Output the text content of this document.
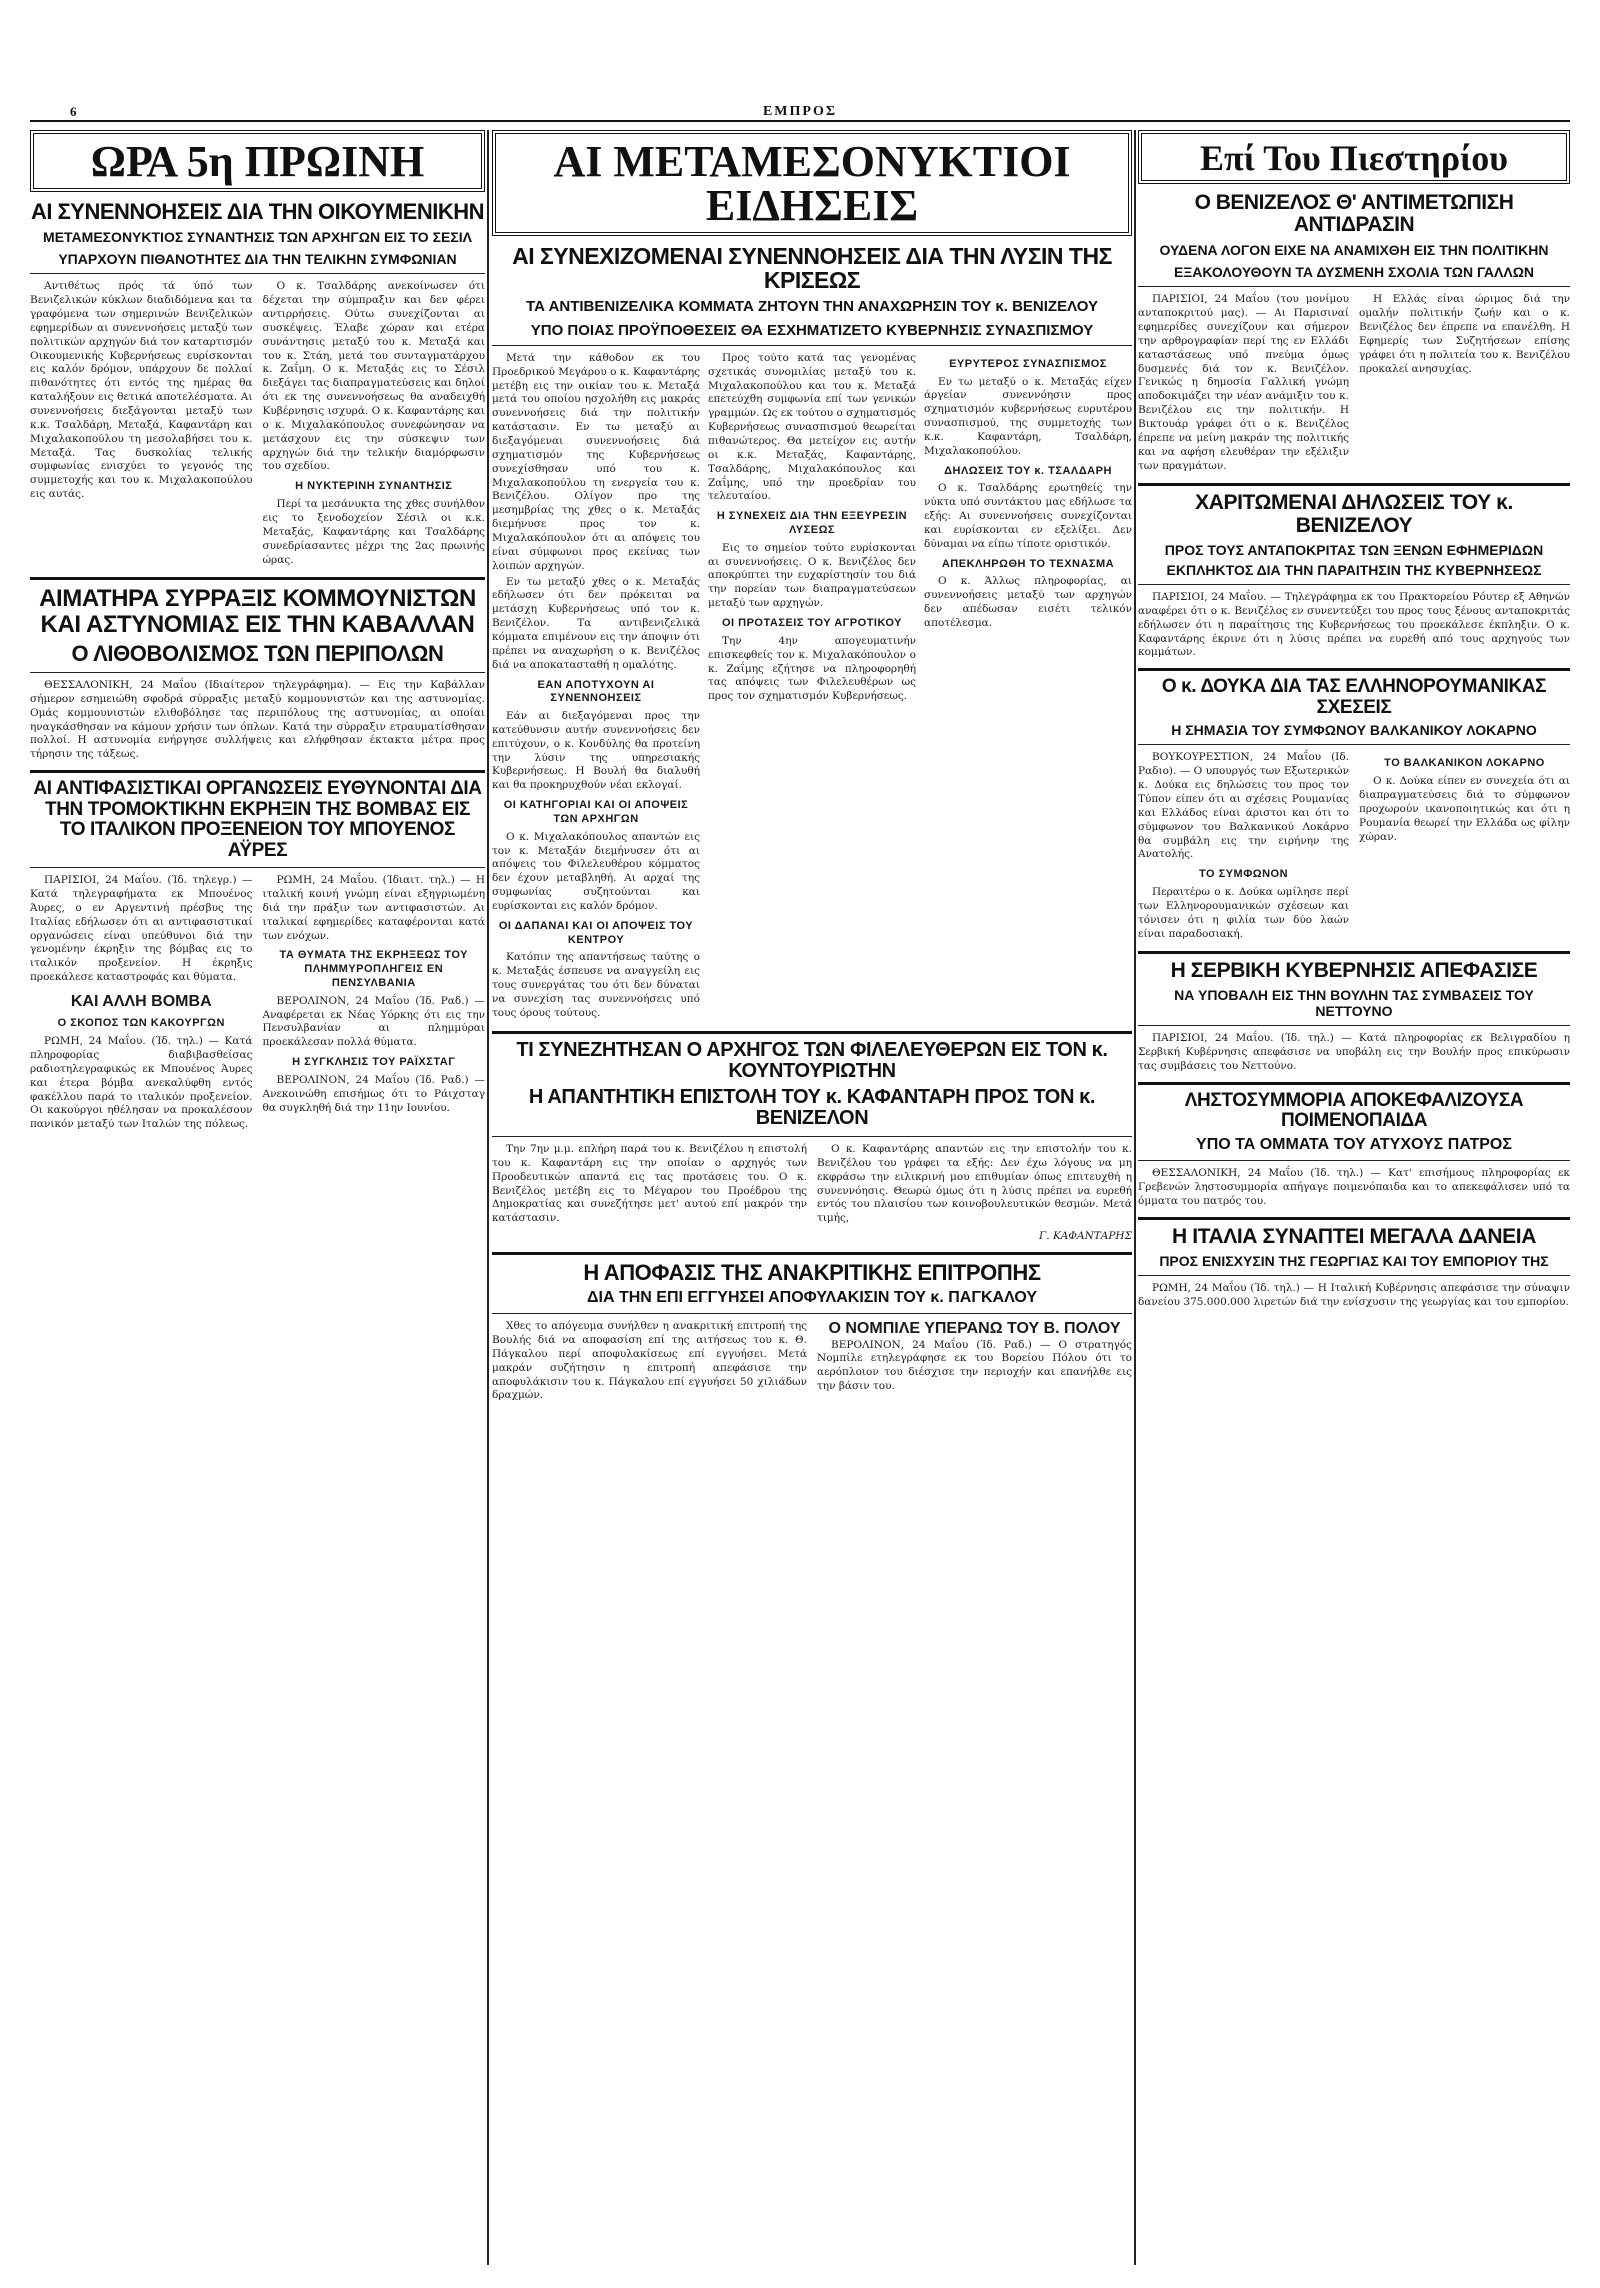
6	ΕΜΠΡΟΣ
ΩΡΑ 5η ΠΡΩΙΝΗ
ΑΙ ΣΥΝΕΝΝΟΗΣΕΙΣ ΔΙΑ ΤΗΝ ΟΙΚΟΥΜΕΝΙΚΗΝ
ΜΕΤΑΜΕΣΟΝΥΚΤΙΟΣ ΣΥΝΑΝΤΗΣΙΣ ΤΩΝ ΑΡΧΗΓΩΝ ΕΙΣ ΤΟ ΣΕΣΙΛ
ΥΠΑΡΧΟΥΝ ΠΙΘΑΝΟΤΗΤΕΣ ΔΙΑ ΤΗΝ ΤΕΛΙΚΗΝ ΣΥΜΦΩΝΙΑΝ

Αντιθέτως πρός τά ύπό των Βενιζελικών κύκλων διαδιδόμενα και τα γραφόμενα των σημερινών Βενιζελικών εφημερίδων αι συνεννοήσεις μεταξύ των πολιτικών αρχηγών διά τον καταρτισμόν Οικουμενικής Κυβερνήσεως ευρίσκονται εις καλόν δρόμον, υπάρχουν δε πολλαί πιθανότητες ότι εντός της ημέρας θα καταλήξουν εις θετικά αποτελέσματα. Αι συνεννοήσεις διεξάγονται μεταξύ των κ.κ. Τσαλδάρη, Μεταξά, Καφαντάρη και Μιχαλακοπούλου τη μεσολαβήσει του κ. Μεταξά. Τας δυσκολίας τελικής συμφωνίας ενισχύει το γεγονός της συμμετοχής και του κ. Μιχαλακοπούλου εις αυτάς.

Ο κ. Τσαλδάρης ανεκοίνωσεν ότι δέχεται την σύμπραξιν και δεν φέρει αντιρρήσεις. Ούτω συνεχίζονται αι συσκέψεις. Έλαβε χώραν και ετέρα συνάντησις μεταξύ του κ. Μεταξά και του κ. Στάη, μετά του συνταγματάρχου κ. Ζαΐμη. Ο κ. Μεταξάς εις το Σέσιλ διεξάγει τας διαπραγματεύσεις και δηλοί ότι εκ της συνεννοήσεως θα αναδειχθή Κυβέρνησις ισχυρά. Ο κ. Καφαντάρης και ο κ. Μιχαλακόπουλος συνεφώνησαν να μετάσχουν εις την σύσκεψιν των αρχηγών διά την τελικήν διαμόρφωσιν του σχεδίου.

Η ΝΥΚΤΕΡΙΝΗ ΣΥΝΑΝΤΗΣΙΣ

Περί τα μεσάνυκτα της χθες συνήλθον εις το ξενοδοχείον Σέσιλ οι κ.κ. Μεταξάς, Καφαντάρης και Τσαλδάρης συνεδρίασαντες μέχρι της 2ας πρωινής ώρας.

ΑΙΜΑΤΗΡΑ ΣΥΡΡΑΞΙΣ ΚΟΜΜΟΥΝΙΣΤΩΝ ΚΑΙ ΑΣΤΥΝΟΜΙΑΣ ΕΙΣ ΤΗΝ ΚΑΒΑΛΛΑΝ
Ο ΛΙΘΟΒΟΛΙΣΜΟΣ ΤΩΝ ΠΕΡΙΠΟΛΩΝ

ΘΕΣΣΑΛΟΝΙΚΗ, 24 Μαΐου (Ιδιαίτερον τηλεγράφημα). — Εις την Καβάλλαν σήμερον εσημειώθη σφοδρά σύρραξις μεταξύ κομμουνιστών και της αστυνομίας. Ομάς κομμουνιστών ελιθοβόλησε τας περιπόλους της αστυνομίας, αι οποίαι ηναγκάσθησαν να κάμουν χρήσιν των όπλων. Κατά την σύρραξιν ετραυματίσθησαν πολλοί. Η αστυνομία ενήργησε συλλήψεις και ελήφθησαν έκτακτα μέτρα προς τήρησιν της τάξεως.

ΑΙ ΑΝΤΙΦΑΣΙΣΤΙΚΑΙ ΟΡΓΑΝΩΣΕΙΣ ΕΥΘΥΝΟΝΤΑΙ ΔΙΑ ΤΗΝ ΤΡΟΜΟΚΤΙΚΗΝ ΕΚΡΗΞΙΝ ΤΗΣ ΒΟΜΒΑΣ ΕΙΣ ΤΟ ΙΤΑΛΙΚΟΝ ΠΡΟΞΕΝΕΙΟΝ ΤΟΥ ΜΠΟΥΕΝΟΣ ΑΫΡΕΣ

ΠΑΡΙΣΙΟΙ, 24 Μαΐου. (Ίδ. τηλεγρ.) — Κατά τηλεγραφήματα εκ Μπουένος Άυρες, ο εν Αργεντινή πρέσβυς της Ιταλίας εδήλωσεν ότι αι αντιφασιστικαί οργανώσεις είναι υπεύθυνοι διά την γενομένην έκρηξιν της βόμβας εις το ιταλικόν προξενείον. Η έκρηξις προεκάλεσε καταστροφάς και θύματα.

ΚΑΙ ΑΛΛΗ ΒΟΜΒΑ
Ο ΣΚΟΠΟΣ ΤΩΝ ΚΑΚΟΥΡΓΩΝ

ΡΩΜΗ, 24 Μαΐου. (Ίδ. τηλ.) — Κατά πληροφορίας διαβιβασθείσας ραδιοτηλεγραφικώς εκ Μπουένος Άυρες και έτερα βόμβα ανεκαλύφθη εντός φακέλλου παρά το ιταλικόν προξενείον. Οι κακούργοι ηθέλησαν να προκαλέσουν πανικόν μεταξύ των Ιταλών της πόλεως.

ΡΩΜΗ, 24 Μαΐου. (Ίδιαιτ. τηλ.) — Η ιταλική κοινή γνώμη είναι εξηγριωμένη διά την πράξιν των αντιφασιστών. Αι ιταλικαί εφημερίδες καταφέρονται κατά των ενόχων.

ΤΑ ΘΥΜΑΤΑ ΤΗΣ ΕΚΡΗΞΕΩΣ ΤΟΥ ΠΛΗΜΜΥΡΟΠΛΗΓΕΙΣ ΕΝ ΠΕΝΣΥΛΒΑΝΙΑ

ΒΕΡΟΛΙΝΟΝ, 24 Μαΐου (Ίδ. Ραδ.) — Αναφέρεται εκ Νέας Υόρκης ότι εις την Πενσυλβανίαν αι πλημμύραι προεκάλεσαν πολλά θύματα.

Η ΣΥΓΚΛΗΣΙΣ ΤΟΥ ΡΑΪΧΣΤΑΓ

ΒΕΡΟΛΙΝΟΝ, 24 Μαΐου (Ίδ. Ραδ.) — Ανεκοινώθη επισήμως ότι το Ράιχσταγ θα συγκληθή διά την 11ην Ιουνίου.

ΑΙ ΜΕΤΑΜΕΣΟΝΥΚΤΙΟΙ ΕΙΔΗΣΕΙΣ
ΑΙ ΣΥΝΕΧΙΖΟΜΕΝΑΙ ΣΥΝΕΝΝΟΗΣΕΙΣ ΔΙΑ ΤΗΝ ΛΥΣΙΝ ΤΗΣ ΚΡΙΣΕΩΣ
ΤΑ ΑΝΤΙΒΕΝΙΖΕΛΙΚΑ ΚΟΜΜΑΤΑ ΖΗΤΟΥΝ ΤΗΝ ΑΝΑΧΩΡΗΣΙΝ ΤΟΥ κ. ΒΕΝΙΖΕΛΟΥ
ΥΠΟ ΠΟΙΑΣ ΠΡΟΫΠΟΘΕΣΕΙΣ ΘΑ ΕΣΧΗΜΑΤΙΖΕΤΟ ΚΥΒΕΡΝΗΣΙΣ ΣΥΝΑΣΠΙΣΜΟΥ

Μετά την κάθοδον εκ του Προεδρικού Μεγάρου ο κ. Καφαντάρης μετέβη εις την οικίαν του κ. Μεταξά μετά του οποίου ησχολήθη εις μακράς συνεννοήσεις διά την πολιτικήν κατάστασιν. Εν τω μεταξύ αι διεξαγόμεναι συνεννοήσεις διά σχηματισμόν της Κυβερνήσεως συνεχίσθησαν υπό του κ. Μιχαλακοπούλου τη ενεργεία του κ. Βενιζέλου. Ολίγον προ της μεσημβρίας της χθες ο κ. Μεταξάς διεμήνυσε προς τον κ. Μιχαλακόπουλον ότι αι απόψεις του είναι σύμφωνοι προς εκείνας των λοιπών αρχηγών.

Εν τω μεταξύ χθες ο κ. Μεταξάς εδήλωσεν ότι δεν πρόκειται να μετάσχη Κυβερνήσεως υπό τον κ. Βενιζέλον. Τα αντιβενιζελικά κόμματα επιμένουν εις την άποψιν ότι πρέπει να αναχωρήση ο κ. Βενιζέλος διά να αποκατασταθή η ομαλότης.

ΕΑΝ ΑΠΟΤΥΧΟΥΝ ΑΙ ΣΥΝΕΝΝΟΗΣΕΙΣ

Εάν αι διεξαγόμεναι προς την κατεύθυνσιν αυτήν συνεννοήσεις δεν επιτύχουν, ο κ. Κονδύλης θα προτείνη την λύσιν της υπηρεσιακής Κυβερνήσεως. Η Βουλή θα διαλυθή και θα προκηρυχθούν νέαι εκλογαί.

ΟΙ ΚΑΤΗΓΟΡΙΑΙ ΚΑΙ ΟΙ ΑΠΟΨΕΙΣ ΤΩΝ ΑΡΧΗΓΩΝ

Ο κ. Μιχαλακόπουλος απαντών εις τον κ. Μεταξάν διεμήνυσεν ότι αι απόψεις του Φιλελευθέρου κόμματος δεν έχουν μεταβληθή. Αι αρχαί της συμφωνίας συζητούνται και ευρίσκονται εις καλόν δρόμον.

ΟΙ ΔΑΠΑΝΑΙ ΚΑΙ ΟΙ ΑΠΟΨΕΙΣ ΤΟΥ ΚΕΝΤΡΟΥ

Κατόπιν της απαντήσεως ταύτης ο κ. Μεταξάς έσπευσε να αναγγείλη εις τους συνεργάτας του ότι δεν δύναται να συνεχίση τας συνεννοήσεις υπό τους όρους τούτους.

Προς τούτο κατά τας γενομένας σχετικάς συνομιλίας μεταξύ του κ. Μιχαλακοπούλου και του κ. Μεταξά επετεύχθη συμφωνία επί των γενικών γραμμών. Ως εκ τούτου ο σχηματισμός Κυβερνήσεως συνασπισμού θεωρείται πιθανώτερος. Θα μετείχον εις αυτήν οι κ.κ. Μεταξάς, Καφαντάρης, Τσαλδάρης, Μιχαλακόπουλος και Ζαΐμης, υπό την προεδρίαν του τελευταίου.

Η ΣΥΝΕΧΕΙΣ ΔΙΑ ΤΗΝ ΕΞΕΥΡΕΣΙΝ ΛΥΣΕΩΣ

Εις το σημείον τούτο ευρίσκονται αι συνεννοήσεις. Ο κ. Βενιζέλος δεν αποκρύπτει την ευχαρίστησίν του διά την πορείαν των διαπραγματεύσεων μεταξύ των αρχηγών.

ΟΙ ΠΡΟΤΑΣΕΙΣ ΤΟΥ ΑΓΡΟΤΙΚΟΥ

Την 4ην απογευματινήν επισκεφθείς τον κ. Μιχαλακόπουλον ο κ. Ζαΐμης εζήτησε να πληροφορηθή τας απόψεις των Φιλελευθέρων ως προς τον σχηματισμόν Κυβερνήσεως.

ΕΥΡΥΤΕΡΟΣ ΣΥΝΑΣΠΙΣΜΟΣ

Εν τω μεταξύ ο κ. Μεταξάς είχεν άργείαν συνεννόησιν προς σχηματισμόν κυβερνήσεως ευρυτέρου συνασπισμού, της συμμετοχής των κ.κ. Καφαντάρη, Τσαλδάρη, Μιχαλακοπούλου.

ΔΗΛΩΣΕΙΣ ΤΟΥ κ. ΤΣΑΛΔΑΡΗ

Ο κ. Τσαλδάρης ερωτηθείς την νύκτα υπό συντάκτου μας εδήλωσε τα εξής: Αι συνεννοήσεις συνεχίζονται και ευρίσκονται εν εξελίξει. Δεν δύναμαι να είπω τίποτε οριστικόν.

ΑΠΕΚΛΗΡΩΘΗ ΤΟ ΤΕΧΝΑΣΜΑ

Ο κ. Άλλως πληροφορίας, αι συνεννοήσεις μεταξύ των αρχηγών δεν απέδωσαν εισέτι τελικόν αποτέλεσμα.

ΤΙ ΣΥΝΕΖΗΤΗΣΑΝ Ο ΑΡΧΗΓΟΣ ΤΩΝ ΦΙΛΕΛΕΥΘΕΡΩΝ ΕΙΣ ΤΟΝ κ. ΚΟΥΝΤΟΥΡΙΩΤΗΝ
Η ΑΠΑΝΤΗΤΙΚΗ ΕΠΙΣΤΟΛΗ ΤΟΥ κ. ΚΑΦΑΝΤΑΡΗ ΠΡΟΣ ΤΟΝ κ. ΒΕΝΙΖΕΛΟΝ

Την 7ην μ.μ. επλήρη παρά του κ. Βενιζέλου η επιστολή του κ. Καφαντάρη εις την οποίαν ο αρχηγός των Προοδευτικών απαντά εις τας προτάσεις του. Ο κ. Βενιζέλος μετέβη εις το Μέγαρον του Προέδρου της Δημοκρατίας και συνεζήτησε μετ' αυτού επί μακρόν την κατάστασιν.

Ο κ. Καφαντάρης απαντών εις την επιστολήν του κ. Βενιζέλου του γράφει τα εξής: Δεν έχω λόγους να μη εκφράσω την ειλικρινή μου επιθυμίαν όπως επιτευχθή η συνεννόησις. Θεωρώ όμως ότι η λύσις πρέπει να ευρεθή εντός του πλαισίου των κοινοβουλευτικών θεσμών. Μετά τιμής,

Γ. ΚΑΦΑΝΤΑΡΗΣ
Η ΑΠΟΦΑΣΙΣ ΤΗΣ ΑΝΑΚΡΙΤΙΚΗΣ ΕΠΙΤΡΟΠΗΣ
ΔΙΑ ΤΗΝ ΕΠΙ ΕΓΓΥΗΣΕΙ ΑΠΟΦΥΛΑΚΙΣΙΝ ΤΟΥ κ. ΠΑΓΚΑΛΟΥ

Χθες το απόγευμα συνήλθεν η ανακριτική επιτροπή της Βουλής διά να αποφασίση επί της αιτήσεως του κ. Θ. Πάγκαλου περί αποφυλακίσεως επί εγγυήσει. Μετά μακράν συζήτησιν η επιτροπή απεφάσισε την αποφυλάκισιν του κ. Πάγκαλου επί εγγυήσει 50 χιλιάδων δραχμών.

Ο ΝΟΜΠΙΛΕ ΥΠΕΡΑΝΩ ΤΟΥ Β. ΠΟΛΟΥ

ΒΕΡΟΛΙΝΟΝ, 24 Μαΐου (Ίδ. Ραδ.) — Ο στρατηγός Νομπίλε ετηλεγράφησε εκ του Βορείου Πόλου ότι το αερόπλοιον του διέσχισε την περιοχήν και επανήλθε εις την βάσιν του.

Επί Του Πιεστηρίου
Ο ΒΕΝΙΖΕΛΟΣ Θ' ΑΝΤΙΜΕΤΩΠΙΣΗ ΑΝΤΙΔΡΑΣΙΝ
ΟΥΔΕΝΑ ΛΟΓΟΝ ΕΙΧΕ ΝΑ ΑΝΑΜΙΧΘΗ ΕΙΣ ΤΗΝ ΠΟΛΙΤΙΚΗΝ
ΕΞΑΚΟΛΟΥΘΟΥΝ ΤΑ ΔΥΣΜΕΝΗ ΣΧΟΛΙΑ ΤΩΝ ΓΑΛΛΩΝ

ΠΑΡΙΣΙΟΙ, 24 Μαΐου (του μονίμου ανταποκριτού μας). — Αι Παρισιναί εφημερίδες συνεχίζουν και σήμερον την αρθρογραφίαν περί της εν Ελλάδι καταστάσεως υπό πνεύμα όμως δυσμενές διά τον κ. Βενιζέλον. Γενικώς η δημοσία Γαλλική γνώμη αποδοκιμάζει την νέαν ανάμιξιν του κ. Βενιζέλου εις την πολιτικήν. Η Βικτουάρ γράφει ότι ο κ. Βενιζέλος έπρεπε να μείνη μακράν της πολιτικής και να αφήση ελευθέραν την εξέλιξιν των πραγμάτων.

Η Ελλάς είναι ώριμος διά την ομαλήν πολιτικήν ζωήν και ο κ. Βενιζέλος δεν έπρεπε να επανέλθη. Η Εφημερίς των Συζητήσεων επίσης γράφει ότι η πολιτεία του κ. Βενιζέλου προκαλεί ανησυχίας.

ΧΑΡΙΤΩΜΕΝΑΙ ΔΗΛΩΣΕΙΣ ΤΟΥ κ. ΒΕΝΙΖΕΛΟΥ
ΠΡΟΣ ΤΟΥΣ ΑΝΤΑΠΟΚΡΙΤΑΣ ΤΩΝ ΞΕΝΩΝ ΕΦΗΜΕΡΙΔΩΝ
ΕΚΠΛΗΚΤΟΣ ΔΙΑ ΤΗΝ ΠΑΡΑΙΤΗΣΙΝ ΤΗΣ ΚΥΒΕΡΝΗΣΕΩΣ

ΠΑΡΙΣΙΟΙ, 24 Μαΐου. — Τηλεγράφημα εκ του Πρακτορείου Ρόυτερ εξ Αθηνών αναφέρει ότι ο κ. Βενιζέλος εν συνεντεύξει του προς τους ξένους ανταποκριτάς εδήλωσεν ότι η παραίτησις της Κυβερνήσεως του προεκάλεσε έκπληξιν. Ο κ. Καφαντάρης έκρινε ότι η λύσις πρέπει να ευρεθή από τους αρχηγούς των κομμάτων.

Ο κ. ΔΟΥΚΑ ΔΙΑ ΤΑΣ ΕΛΛΗΝΟΡΟΥΜΑΝΙΚΑΣ ΣΧΕΣΕΙΣ
Η ΣΗΜΑΣΙΑ ΤΟΥ ΣΥΜΦΩΝΟΥ ΒΑΛΚΑΝΙΚΟΥ ΛΟΚΑΡΝΟ

ΒΟΥΚΟΥΡΕΣΤΙΟΝ, 24 Μαΐου (Ιδ. Ραδιο). — Ο υπουργός των Εξωτερικών κ. Δούκα εις δηλώσεις του προς τον Τύπον είπεν ότι αι σχέσεις Ρουμανίας και Ελλάδος είναι άριστοι και ότι το σύμφωνον του Βαλκανικού Λοκάρνο θα συμβάλη εις την ειρήνην της Ανατολής.

ΤΟ ΣΥΜΦΩΝΟΝ

Περαιτέρω ο κ. Δούκα ωμίλησε περί των Ελληνορουμανικών σχέσεων και τόνισεν ότι η φιλία των δύο λαών είναι παραδοσιακή.

ΤΟ ΒΑΛΚΑΝΙΚΟΝ ΛΟΚΑΡΝΟ

Ο κ. Δούκα είπεν εν συνεχεία ότι αι διαπραγματεύσεις διά το σύμφωνον προχωρούν ικανοποιητικώς και ότι η Ρουμανία θεωρεί την Ελλάδα ως φίλην χώραν.

Η ΣΕΡΒΙΚΗ ΚΥΒΕΡΝΗΣΙΣ ΑΠΕΦΑΣΙΣΕ
ΝΑ ΥΠΟΒΑΛΗ ΕΙΣ ΤΗΝ ΒΟΥΛΗΝ ΤΑΣ ΣΥΜΒΑΣΕΙΣ ΤΟΥ ΝΕΤΤΟΥΝΟ

ΠΑΡΙΣΙΟΙ, 24 Μαΐου. (Ίδ. τηλ.) — Κατά πληροφορίας εκ Βελιγραδίου η Σερβική Κυβέρνησις απεφάσισε να υποβάλη εις την Βουλήν προς επικύρωσιν τας συμβάσεις του Νεττούνο.

ΛΗΣΤΟΣΥΜΜΟΡΙΑ ΑΠΟΚΕΦΑΛΙΖΟΥΣΑ ΠΟΙΜΕΝΟΠΑΙΔΑ
ΥΠΟ ΤΑ ΟΜΜΑΤΑ ΤΟΥ ΑΤΥΧΟΥΣ ΠΑΤΡΟΣ

ΘΕΣΣΑΛΟΝΙΚΗ, 24 Μαΐου (Ίδ. τηλ.) — Κατ' επισήμους πληροφορίας εκ Γρεβενών ληστοσυμμορία απήγαγε ποιμενόπαιδα και το απεκεφάλισεν υπό τα όμματα του πατρός του.

Η ΙΤΑΛΙΑ ΣΥΝΑΠΤΕΙ ΜΕΓΑΛΑ ΔΑΝΕΙΑ
ΠΡΟΣ ΕΝΙΣΧΥΣΙΝ ΤΗΣ ΓΕΩΡΓΙΑΣ ΚΑΙ ΤΟΥ ΕΜΠΟΡΙΟΥ ΤΗΣ

ΡΩΜΗ, 24 Μαΐου (Ίδ. τηλ.) — Η Ιταλική Κυβέρνησις απεφάσισε την σύναψιν δανείου 375.000.000 λιρετών διά την ενίσχυσιν της γεωργίας και του εμπορίου.
